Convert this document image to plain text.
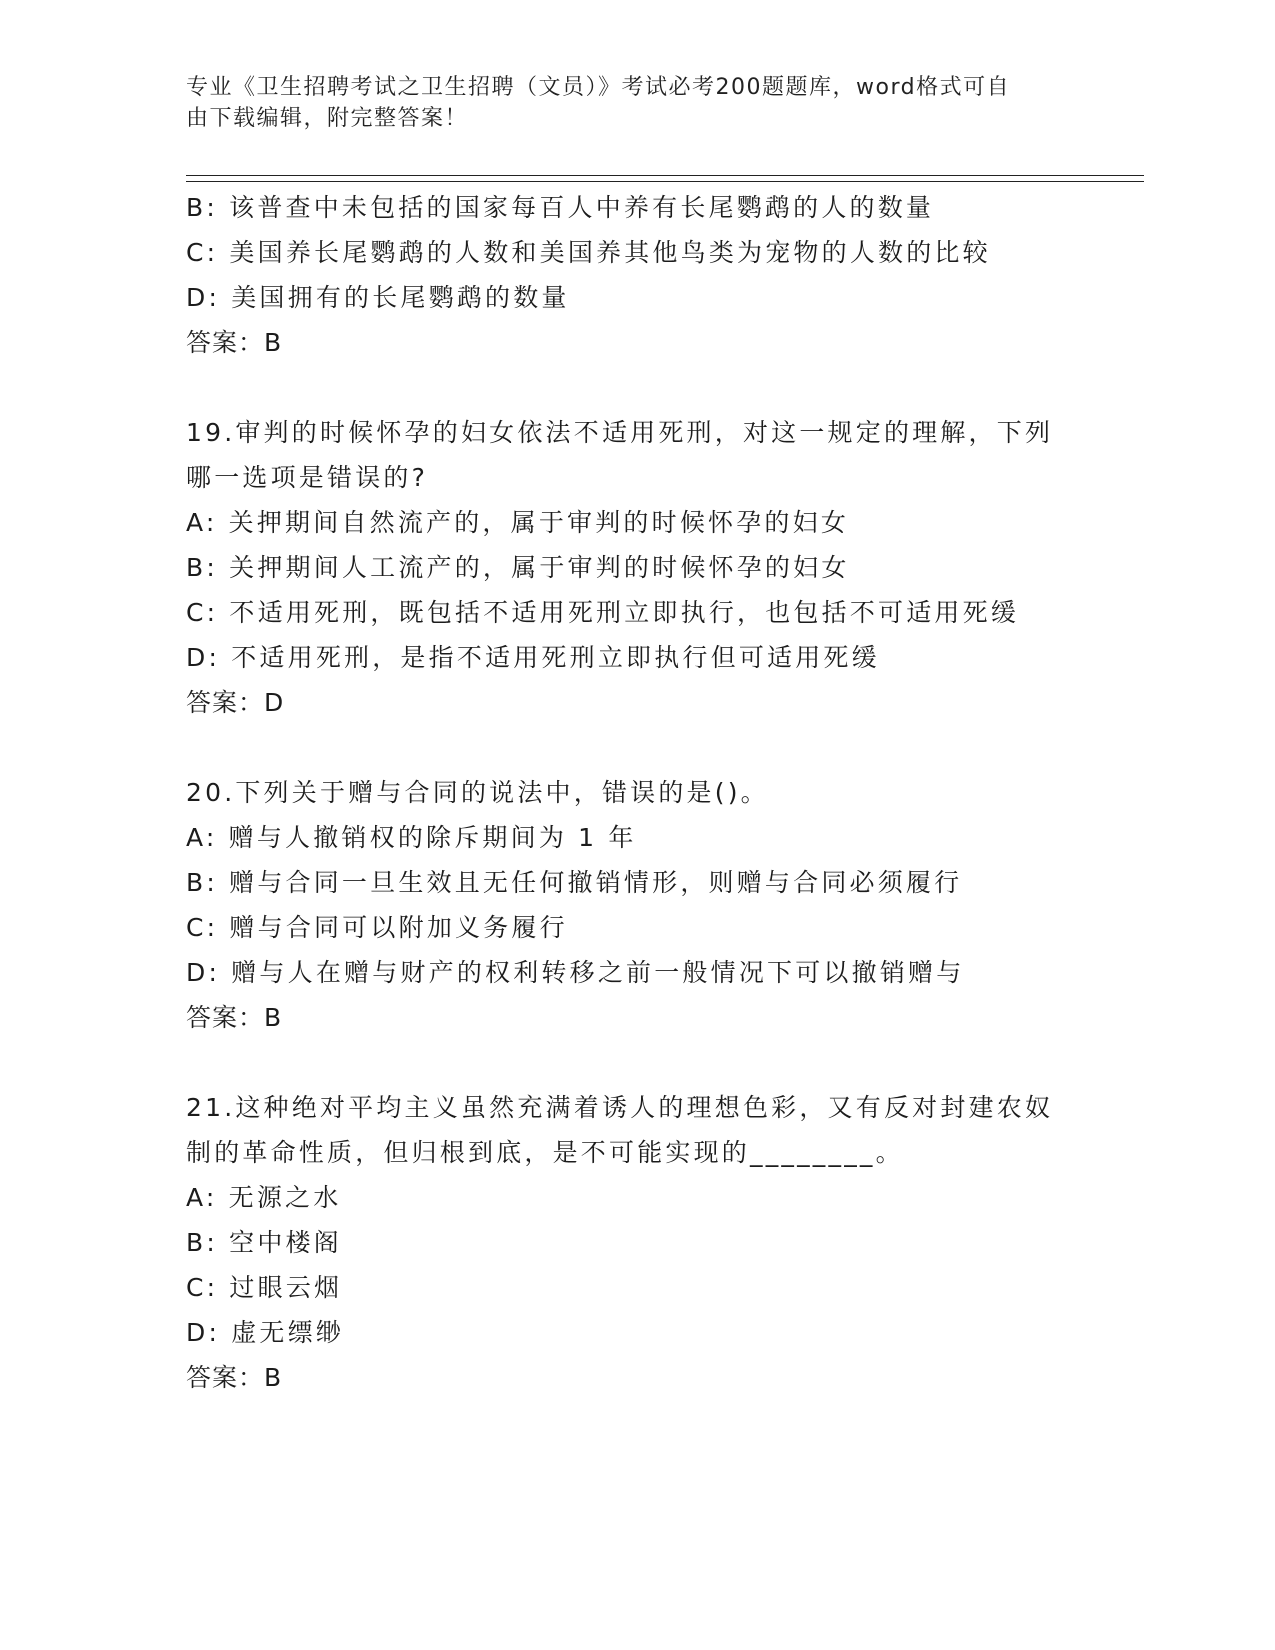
专业《卫生招聘考试之卫生招聘（文员）》考试必考200题题库，word格式可自
由下载编辑，附完整答案！
B: 该普查中未包括的国家每百人中养有长尾鹦鹉的人的数量
C: 美国养长尾鹦鹉的人数和美国养其他鸟类为宠物的人数的比较
D: 美国拥有的长尾鹦鹉的数量
答案：B
19.审判的时候怀孕的妇女依法不适用死刑，对这一规定的理解，下列
哪一选项是错误的?
A: 关押期间自然流产的，属于审判的时候怀孕的妇女
B: 关押期间人工流产的，属于审判的时候怀孕的妇女
C: 不适用死刑，既包括不适用死刑立即执行，也包括不可适用死缓
D: 不适用死刑，是指不适用死刑立即执行但可适用死缓
答案：D
20.下列关于赠与合同的说法中，错误的是()。
A: 赠与人撤销权的除斥期间为 1 年
B: 赠与合同一旦生效且无任何撤销情形，则赠与合同必须履行
C: 赠与合同可以附加义务履行
D: 赠与人在赠与财产的权利转移之前一般情况下可以撤销赠与
答案：B
21.这种绝对平均主义虽然充满着诱人的理想色彩，又有反对封建农奴
制的革命性质，但归根到底，是不可能实现的________。
A: 无源之水
B: 空中楼阁
C: 过眼云烟
D: 虚无缥缈
答案：B
